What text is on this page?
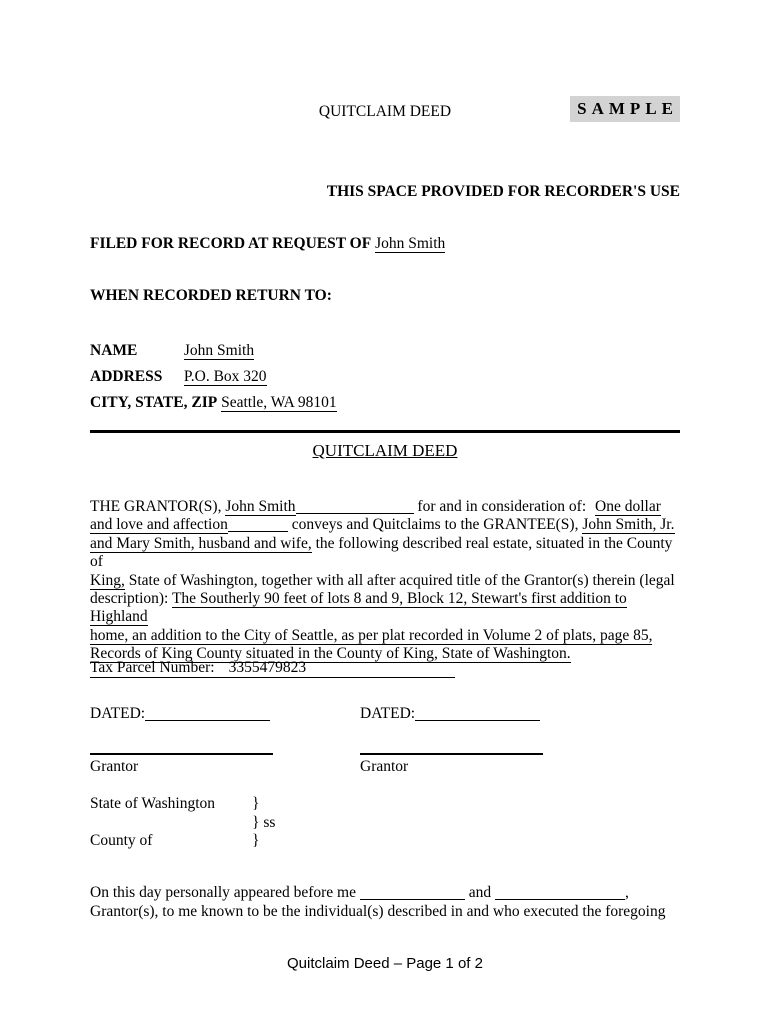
QUITCLAIM DEED	SAMPLE
THIS SPACE PROVIDED FOR RECORDER'S USE
FILED FOR RECORD AT REQUEST OF John Smith
WHEN RECORDED RETURN TO:
NAME	John Smith
ADDRESS P.O. Box 320
CITY, STATE, ZIP Seattle, WA 98101
QUITCLAIM DEED
THE GRANTOR(S), John Smith	for and in consideration of: One dollar
and love and affection	conveys and Quitclaims to the GRANTEE(S), John Smith, Jr.
and Mary Smith, husband and wife, the following described real estate, situated in the County of
King, State of Washington, together with all after acquired title of the Grantor(s) therein (legal
description): The Southerly 90 feet of lots 8 and 9, Block 12, Stewart's first addition to Highland
home, an addition to the City of Seattle, as per plat recorded in Volume 2 of plats, page 85,
Records of King County situated in the County of King, State of Washington.
Tax Parcel Number: 3355479823
DATED:	DATED:
Grantor	Grantor
State of Washington	}
} ss
County of	}
On this day personally appeared before me	and	,
Grantor(s), to me known to be the individual(s) described in and who executed the foregoing
Quitclaim Deed – Page 1 of 2
